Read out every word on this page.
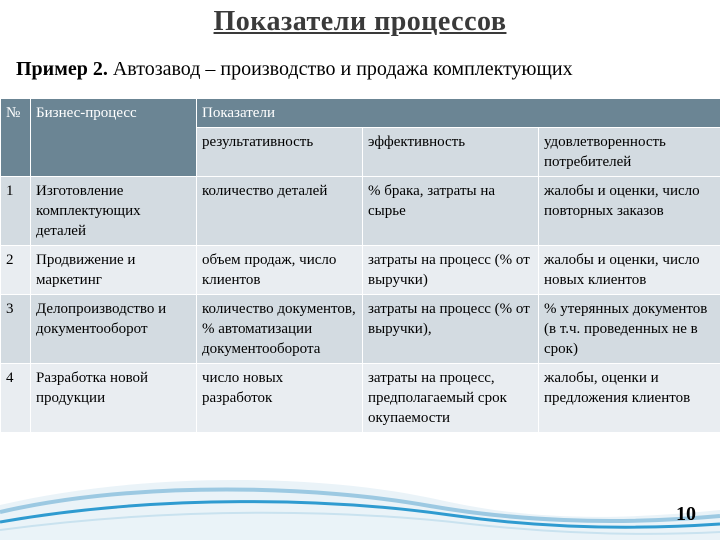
Показатели процессов
Пример 2. Автозавод – производство и продажа комплектующих
№	Бизнес-процесс	Показатели		
		результативность	эффективность	удовлетворенность потребителей
1	Изготовление комплектующих деталей	количество деталей	% брака, затраты на сырье	жалобы и оценки, число повторных заказов
2	Продвижение и маркетинг	объем продаж, число клиентов	затраты на процесс (% от выручки)	жалобы и оценки, число новых клиентов
3	Делопроизводство и документооборот	количество документов, % автоматизации документооборота	затраты на процесс (% от выручки),	% утерянных документов (в т.ч. проведенных не в срок)
4	Разработка новой продукции	число новых разработок	затраты на процесс, предполагаемый срок окупаемости	жалобы, оценки и предложения клиентов
10
